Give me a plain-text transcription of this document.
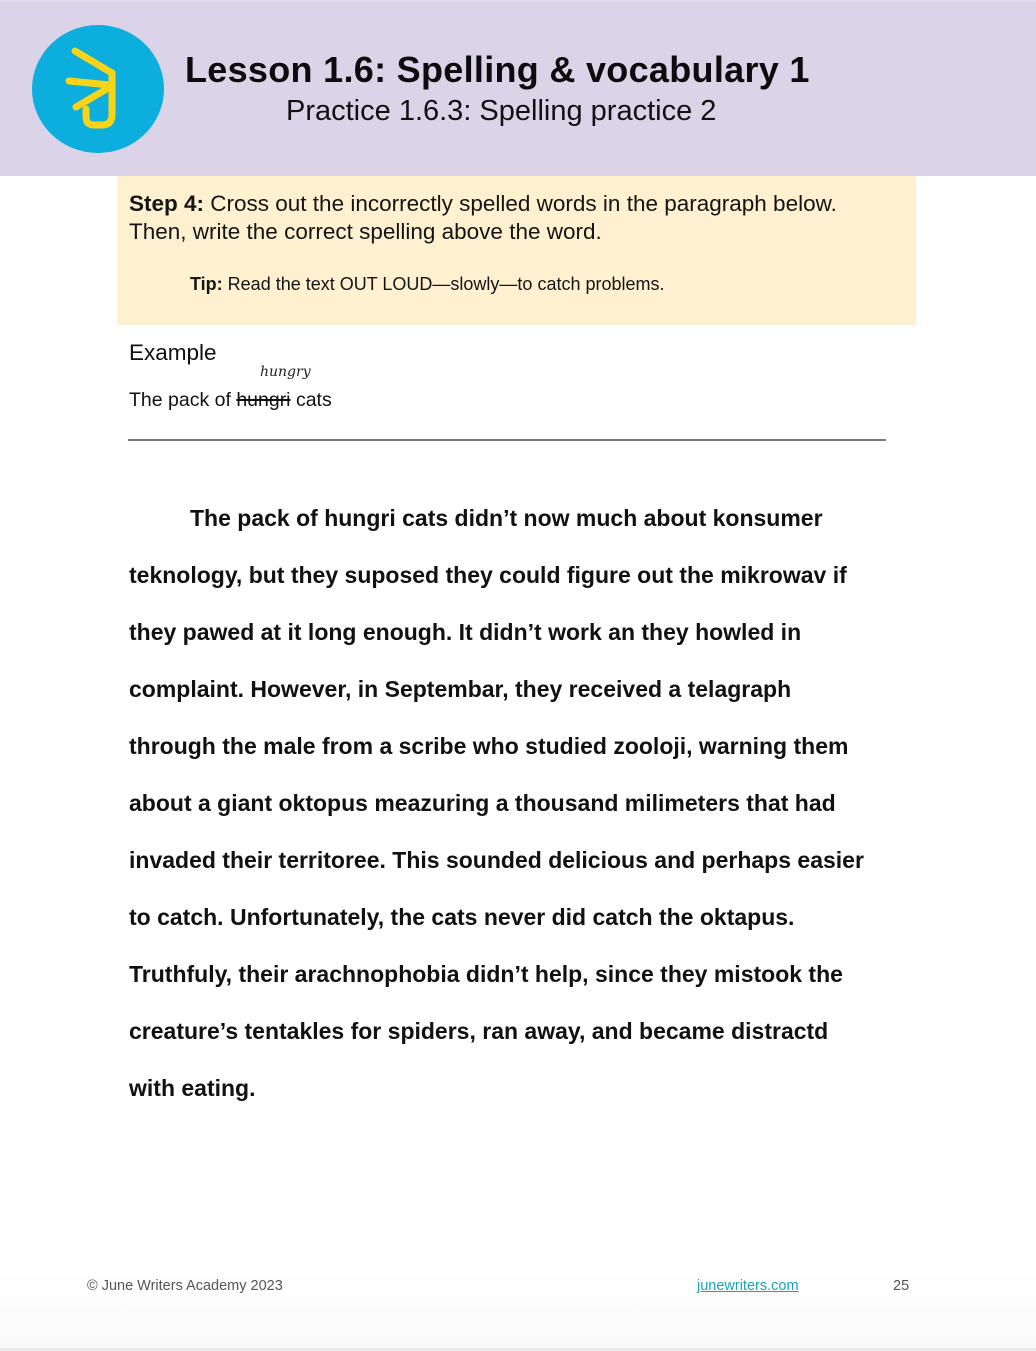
Lesson 1.6: Spelling & vocabulary 1
Practice 1.6.3: Spelling practice 2
Step 4: Cross out the incorrectly spelled words in the paragraph below. Then, write the correct spelling above the word.
Tip: Read the text OUT LOUD—slowly—to catch problems.
Example
hungry
The pack of hungri cats
The pack of hungri cats didn’t now much about konsumer
teknology, but they suposed they could figure out the mikrowav if
they pawed at it long enough. It didn’t work an they howled in
complaint. However, in Septembar, they received a telagraph
through the male from a scribe who studied zooloji, warning them
about a giant oktopus meazuring a thousand milimeters that had
invaded their territoree. This sounded delicious and perhaps easier
to catch. Unfortunately, the cats never did catch the oktapus.
Truthfuly, their arachnophobia didn’t help, since they mistook the
creature’s tentakles for spiders, ran away, and became distractd
with eating.
© June Writers Academy 2023	junewriters.com	25
